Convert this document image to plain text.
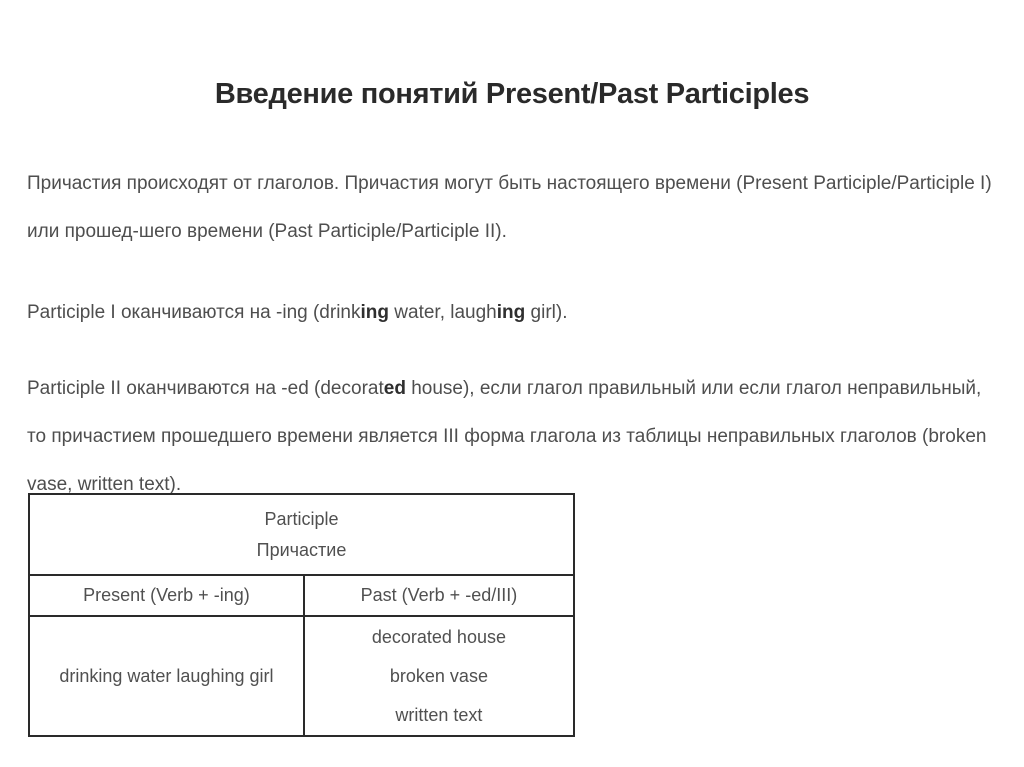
Введение понятий Present/Past Participles

Причастия происходят от глаголов. Причастия могут быть настоящего времени (Present Participle/Participle I) или прошед-шего времени (Past Participle/Participle II).

Participle I оканчиваются на -ing (drinking water, laughing girl).

Participle II оканчиваются на -ed (decorated house), если глагол правильный или если глагол неправильный, то причастием прошедшего времени является III форма глагола из таблицы неправильных глаголов (broken vase, written text).

Participle
Причастие	

Present (Verb + -ing)	Past (Verb + -ed/III)
drinking water laughing girl	decorated house
broken vase
written text
